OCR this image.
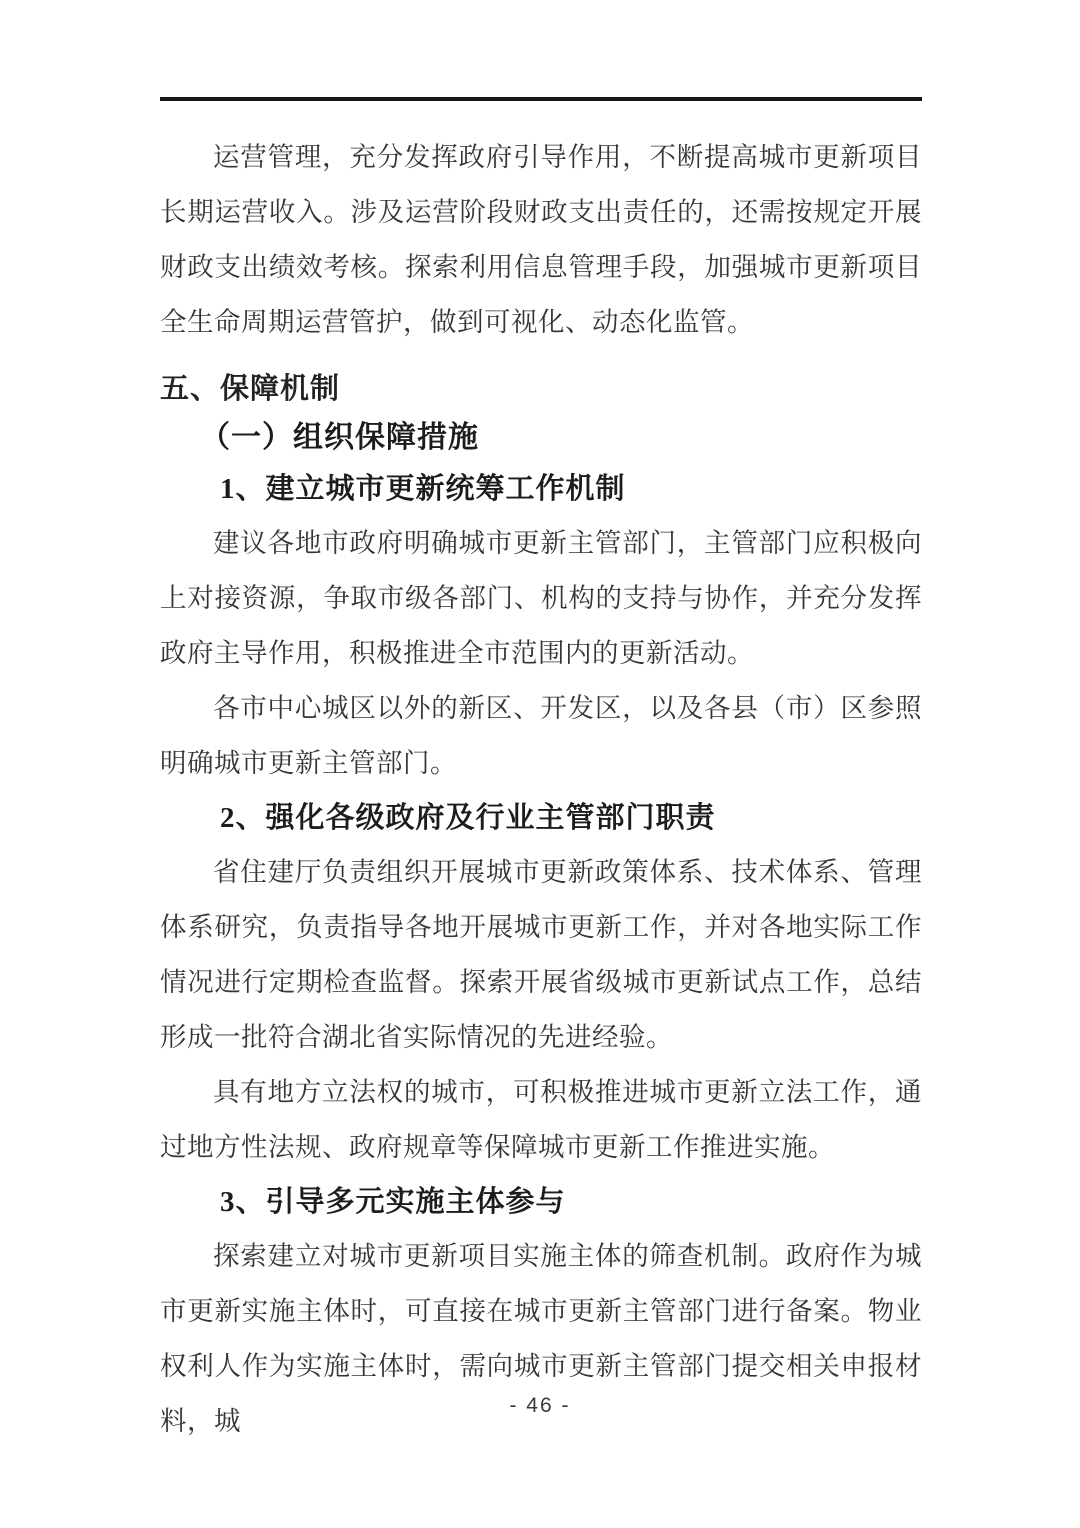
运营管理，充分发挥政府引导作用，不断提高城市更新项目长期运营收入。涉及运营阶段财政支出责任的，还需按规定开展财政支出绩效考核。探索利用信息管理手段，加强城市更新项目全生命周期运营管护，做到可视化、动态化监管。

五、保障机制
（一）组织保障措施
1、建立城市更新统筹工作机制

建议各地市政府明确城市更新主管部门，主管部门应积极向上对接资源，争取市级各部门、机构的支持与协作，并充分发挥政府主导作用，积极推进全市范围内的更新活动。

各市中心城区以外的新区、开发区，以及各县（市）区参照明确城市更新主管部门。

2、强化各级政府及行业主管部门职责

省住建厅负责组织开展城市更新政策体系、技术体系、管理体系研究，负责指导各地开展城市更新工作，并对各地实际工作情况进行定期检查监督。探索开展省级城市更新试点工作，总结形成一批符合湖北省实际情况的先进经验。

具有地方立法权的城市，可积极推进城市更新立法工作，通过地方性法规、政府规章等保障城市更新工作推进实施。

3、引导多元实施主体参与

探索建立对城市更新项目实施主体的筛查机制。政府作为城市更新实施主体时，可直接在城市更新主管部门进行备案。物业权利人作为实施主体时，需向城市更新主管部门提交相关申报材料，城

- 46 -
